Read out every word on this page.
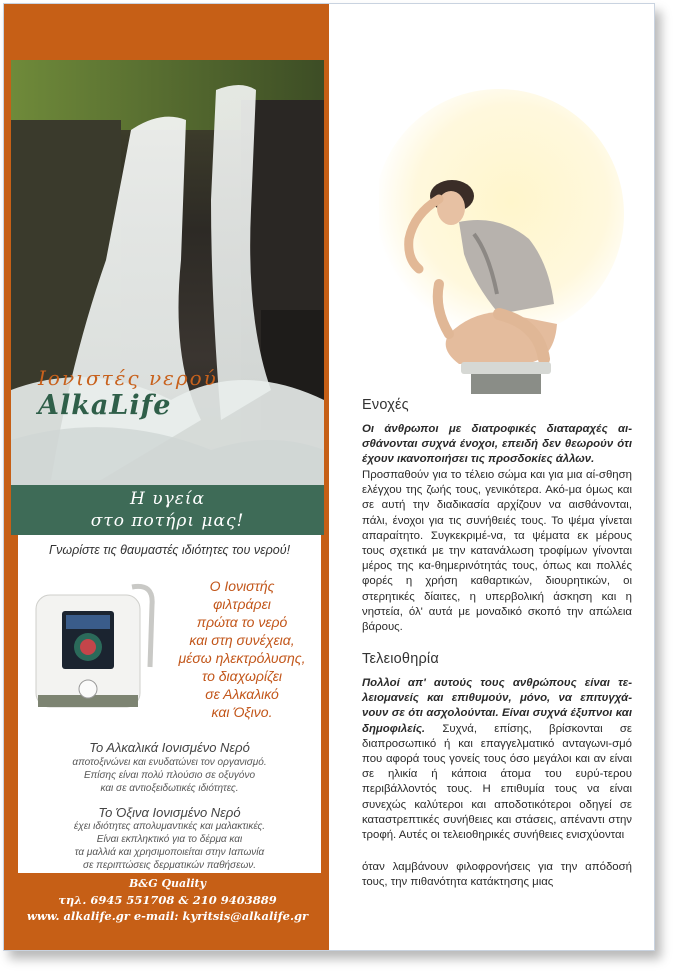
Ιονιστές νερού
AlkaLife
Η υγεία
στο ποτήρι μας!
Γνωρίστε τις θαυμαστές ιδιότητες του νερού!
Ο Ιονιστής
φιλτράρει
πρώτα το νερό
και στη συνέχεια,
μέσω ηλεκτρόλυσης,
το διαχωρίζει
σε Αλκαλικό
και Όξινο.
Το Αλκαλικά Ιονισμένο Νερό
αποτοξινώνει και ενυδατώνει τον οργανισμό.
Επίσης είναι πολύ πλούσιο σε οξυγόνο
και σε αντιοξειδωτικές ιδιότητες.
Το Όξινα Ιονισμένο Νερό
έχει ιδιότητες απολυμαντικές και μαλακτικές.
Είναι εκπληκτικό για το δέρμα και
τα μαλλιά και χρησιμοποιείται στην Ιαπωνία
σε περιπτώσεις δερματικών παθήσεων.
B&G Quality
τηλ. 6945 551708 & 210 9403889
www. alkalife.gr e-mail: kyritsis@alkalife.gr
Ενοχές
Οι άνθρωποι με διατροφικές διαταραχές αι-σθάνονται συχνά ένοχοι, επειδή δεν θεωρούν ότι έχουν ικανοποιήσει τις προσδοκίες άλλων.
Προσπαθούν για το τέλειο σώμα και για μια αί-σθηση ελέγχου της ζωής τους, γενικότερα. Ακό-μα όμως και σε αυτή την διαδικασία αρχίζουν να αισθάνονται, πάλι, ένοχοι για τις συνήθειές τους. Το ψέμα γίνεται απαραίτητο. Συγκεκριμέ-να, τα ψέματα εκ μέρους τους σχετικά με την κατανάλωση τροφίμων γίνονται μέρος της κα-θημερινότητάς τους, όπως και πολλές φορές η χρήση καθαρτικών, διουρητικών, οι στερητικές δίαιτες, η υπερβολική άσκηση και η νηστεία, όλ' αυτά με μοναδικό σκοπό την απώλεια βάρους.
Τελειοθηρία
Πολλοί απ' αυτούς τους ανθρώπους είναι τε-λειομανείς και επιθυμούν, μόνο, να επιτυγχά-νουν σε ότι ασχολούνται. Είναι συχνά έξυπνοι και δημοφιλείς. Συχνά, επίσης, βρίσκονται σε διαπροσωπικό ή και επαγγελματικό ανταγωνι-σμό που αφορά τους γονείς τους όσο μεγάλοι και αν είναι σε ηλικία ή κάποια άτομα του ευρύ-τερου περιβάλλοντός τους. Η επιθυμία τους να είναι συνεχώς καλύτεροι και αποδοτικότεροι οδηγεί σε καταστρεπτικές συνήθειες και στάσεις, απέναντι στην τροφή. Αυτές οι τελειοθηρικές συνήθειες ενισχύονται
όταν λαμβάνουν φιλοφρονήσεις για την απόδοσή τους, την πιθανότητα κατάκτησης μιας
